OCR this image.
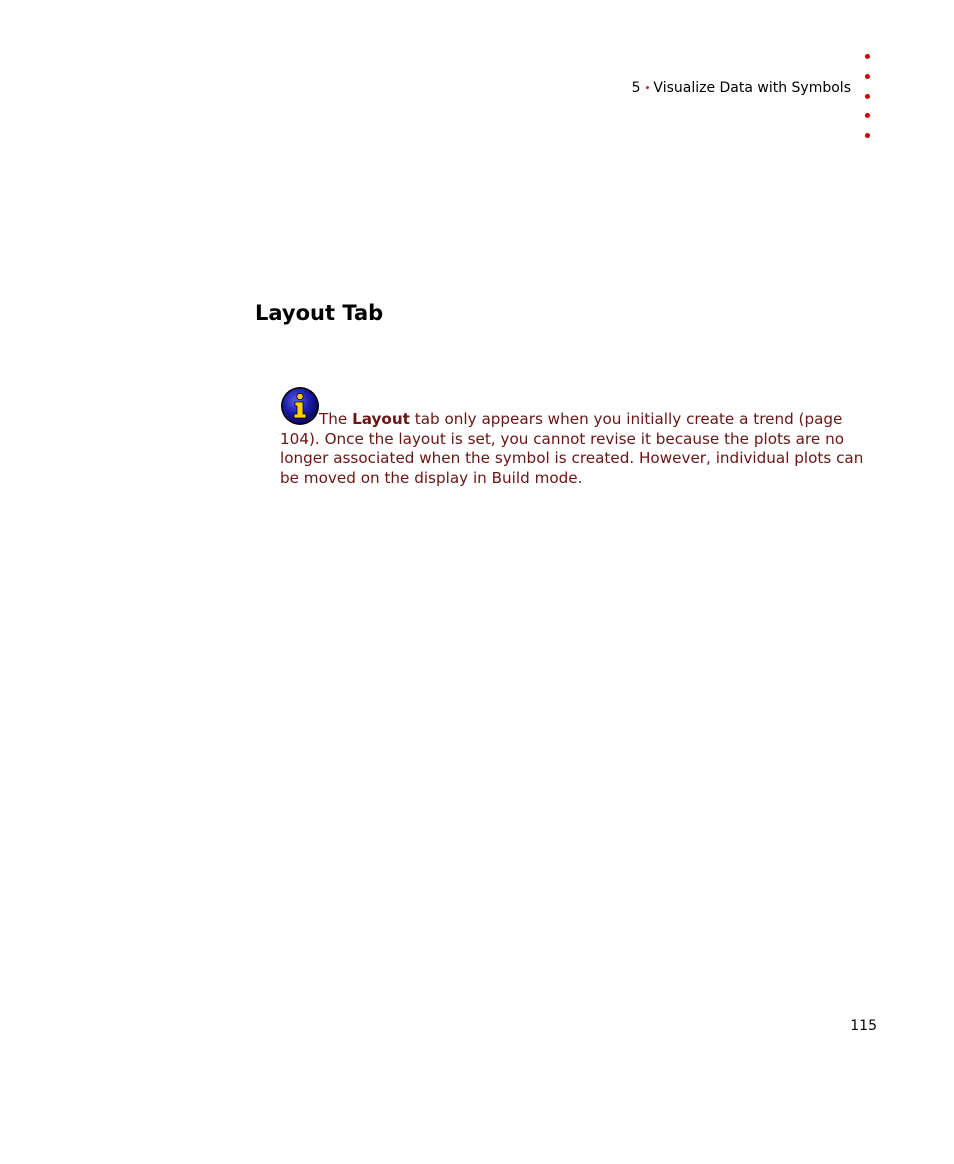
5 • Visualize Data with Symbols
Layout Tab
The Layout tab only appears when you initially create a trend (page 104). Once the layout is set, you cannot revise it because the plots are no longer associated when the symbol is created. However, individual plots can be moved on the display in Build mode.
115
